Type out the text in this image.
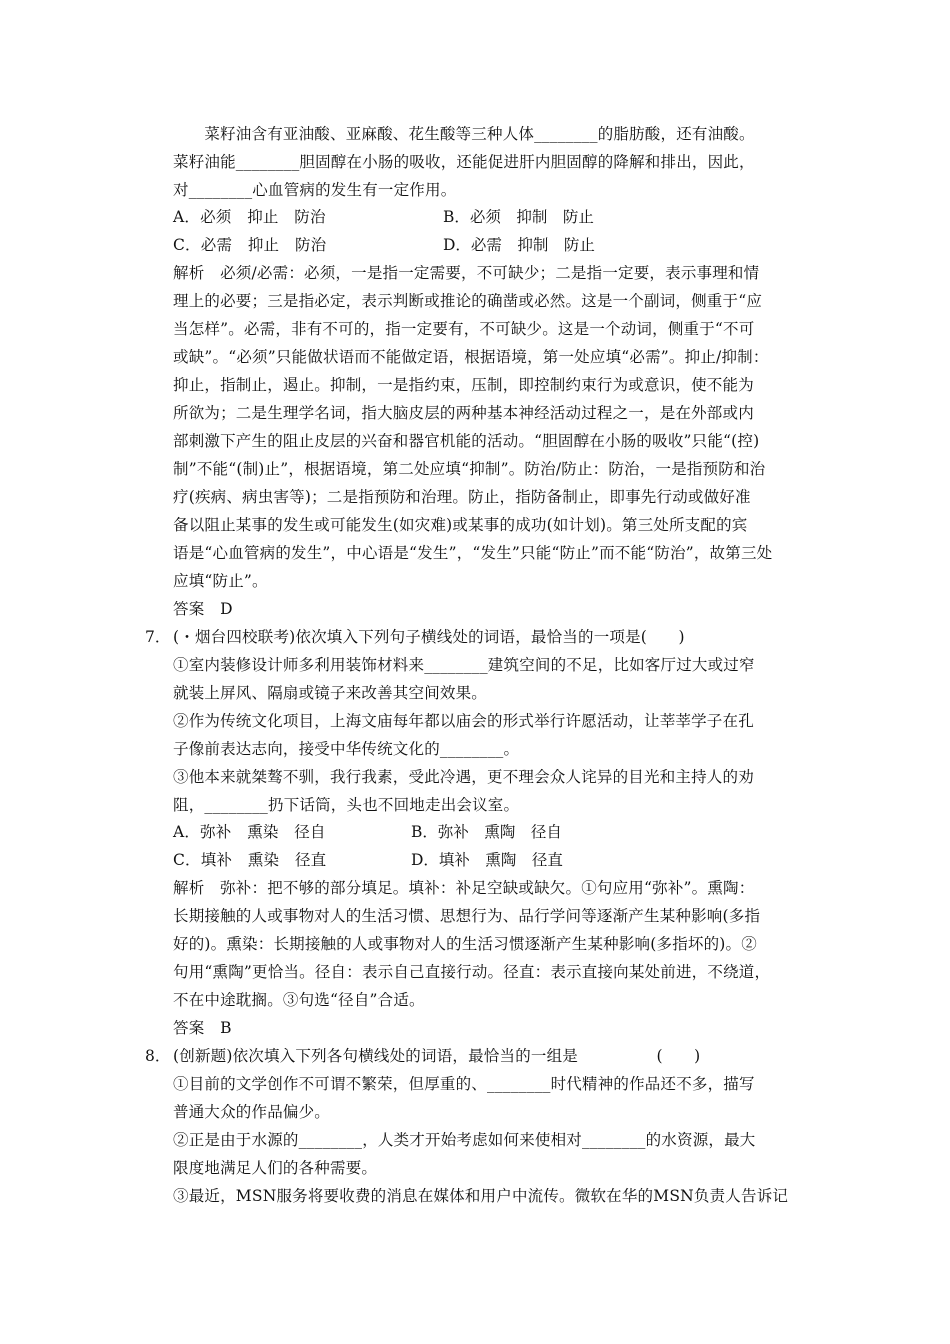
　　菜籽油含有亚油酸、亚麻酸、花生酸等三种人体________的脂肪酸，还有油酸。
菜籽油能________胆固醇在小肠的吸收，还能促进肝内胆固醇的降解和排出，因此，
对________心血管病的发生有一定作用。
A．必须　抑止　防治	B．必须　抑制　防止
C．必需　抑止　防治	D．必需　抑制　防止
解析　必须/必需：必须，一是指一定需要，不可缺少；二是指一定要，表示事理和情
理上的必要；三是指必定，表示判断或推论的确凿或必然。这是一个副词，侧重于“应
当怎样”。必需，非有不可的，指一定要有，不可缺少。这是一个动词，侧重于“不可
或缺”。“必须”只能做状语而不能做定语，根据语境，第一处应填“必需”。抑止/抑制：
抑止，指制止，遏止。抑制，一是指约束，压制，即控制约束行为或意识，使不能为
所欲为；二是生理学名词，指大脑皮层的两种基本神经活动过程之一，是在外部或内
部刺激下产生的阻止皮层的兴奋和器官机能的活动。“胆固醇在小肠的吸收”只能“(控)
制”不能“(制)止”，根据语境，第二处应填“抑制”。防治/防止：防治，一是指预防和治
疗(疾病、病虫害等)；二是指预防和治理。防止，指防备制止，即事先行动或做好准
备以阻止某事的发生或可能发生(如灾难)或某事的成功(如计划)。第三处所支配的宾
语是“心血管病的发生”，中心语是“发生”，“发生”只能“防止”而不能“防治”，故第三处
应填“防止”。
答案　D
7． (・烟台四校联考)依次填入下列句子横线处的词语，最恰当的一项是(　　)
①室内装修设计师多利用装饰材料来________建筑空间的不足，比如客厅过大或过窄
就装上屏风、隔扇或镜子来改善其空间效果。
②作为传统文化项目，上海文庙每年都以庙会的形式举行许愿活动，让莘莘学子在孔
子像前表达志向，接受中华传统文化的________。
③他本来就桀骜不驯，我行我素，受此冷遇，更不理会众人诧异的目光和主持人的劝
阻，________扔下话筒，头也不回地走出会议室。
A．弥补　熏染　径自	B．弥补　熏陶　径自
C．填补　熏染　径直	D．填补　熏陶　径直
解析　弥补：把不够的部分填足。填补：补足空缺或缺欠。①句应用“弥补”。熏陶：
长期接触的人或事物对人的生活习惯、思想行为、品行学问等逐渐产生某种影响(多指
好的)。熏染：长期接触的人或事物对人的生活习惯逐渐产生某种影响(多指坏的)。②
句用“熏陶”更恰当。径自：表示自己直接行动。径直：表示直接向某处前进，不绕道，
不在中途耽搁。③句选“径自”合适。
答案　B
8． (创新题)依次填入下列各句横线处的词语，最恰当的一组是　　　　　(　　)
①目前的文学创作不可谓不繁荣，但厚重的、________时代精神的作品还不多，描写
普通大众的作品偏少。
②正是由于水源的________，人类才开始考虑如何来使相对________的水资源，最大
限度地满足人们的各种需要。
③最近，MSN服务将要收费的消息在媒体和用户中流传。微软在华的MSN负责人告诉记
